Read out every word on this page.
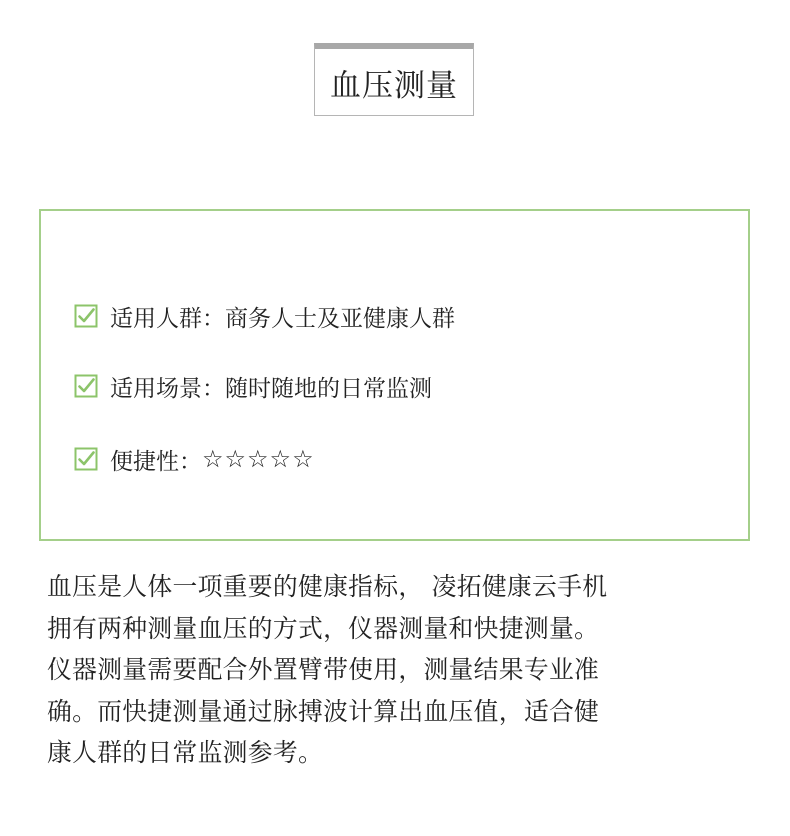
血压测量
适用人群 ： 商务人士及亚健康人群
适用场景 ： 随时随地的日常监测
便捷性 ： ☆☆☆☆☆

血压是人体一项重要的健康指标， 凌拓健康云手机
拥有两种测量血压的方式，仪器测量和快捷测量。
仪器测量需要配合外置臂带使用，测量结果专业准
确。而快捷测量通过脉搏波计算出血压值，适合健
康人群的日常监测参考。
